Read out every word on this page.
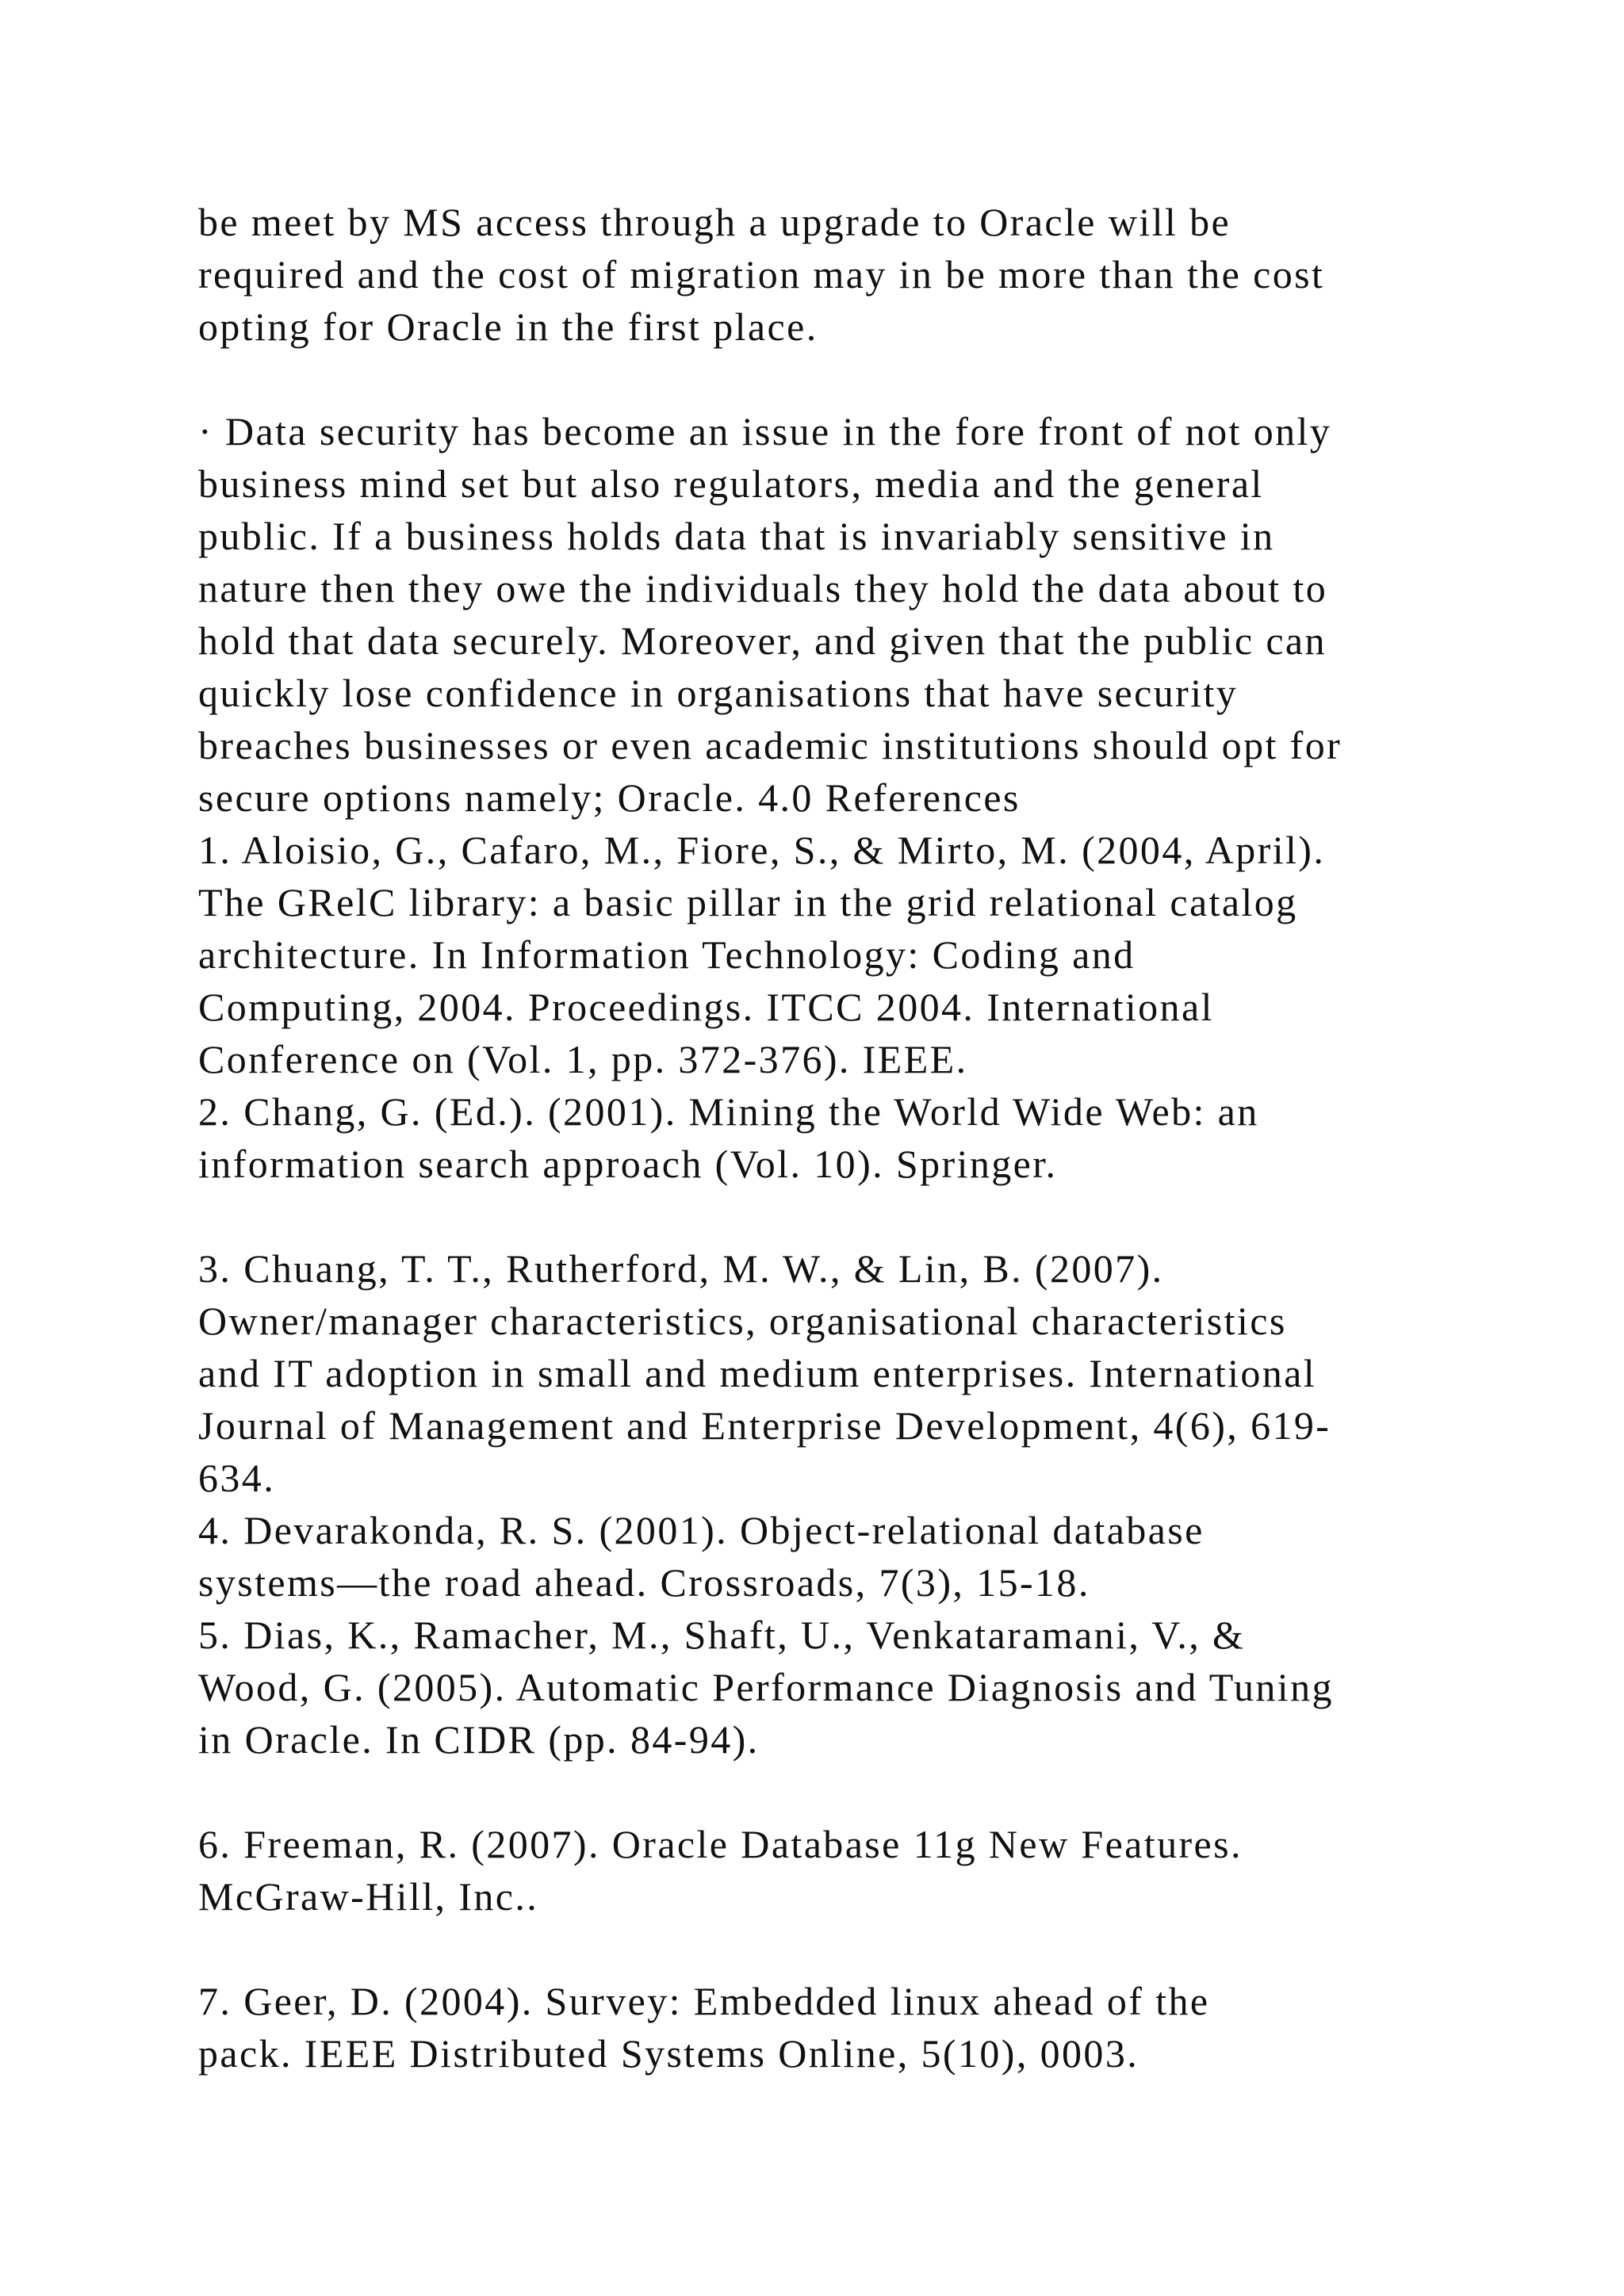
be meet by MS access through a upgrade to Oracle will be
required and the cost of migration may in be more than the cost
opting for Oracle in the first place.
· Data security has become an issue in the fore front of not only
business mind set but also regulators, media and the general
public. If a business holds data that is invariably sensitive in
nature then they owe the individuals they hold the data about to
hold that data securely. Moreover, and given that the public can
quickly lose confidence in organisations that have security
breaches businesses or even academic institutions should opt for
secure options namely; Oracle. 4.0 References
1. Aloisio, G., Cafaro, M., Fiore, S., & Mirto, M. (2004, April).
The GRelC library: a basic pillar in the grid relational catalog
architecture. In Information Technology: Coding and
Computing, 2004. Proceedings. ITCC 2004. International
Conference on (Vol. 1, pp. 372-376). IEEE.
2. Chang, G. (Ed.). (2001). Mining the World Wide Web: an
information search approach (Vol. 10). Springer.
3. Chuang, T. T., Rutherford, M. W., & Lin, B. (2007).
Owner/manager characteristics, organisational characteristics
and IT adoption in small and medium enterprises. International
Journal of Management and Enterprise Development, 4(6), 619-
634.
4. Devarakonda, R. S. (2001). Object-relational database
systems—the road ahead. Crossroads, 7(3), 15-18.
5. Dias, K., Ramacher, M., Shaft, U., Venkataramani, V., &
Wood, G. (2005). Automatic Performance Diagnosis and Tuning
in Oracle. In CIDR (pp. 84-94).
6. Freeman, R. (2007). Oracle Database 11g New Features.
McGraw-Hill, Inc..
7. Geer, D. (2004). Survey: Embedded linux ahead of the
pack. IEEE Distributed Systems Online, 5(10), 0003.
